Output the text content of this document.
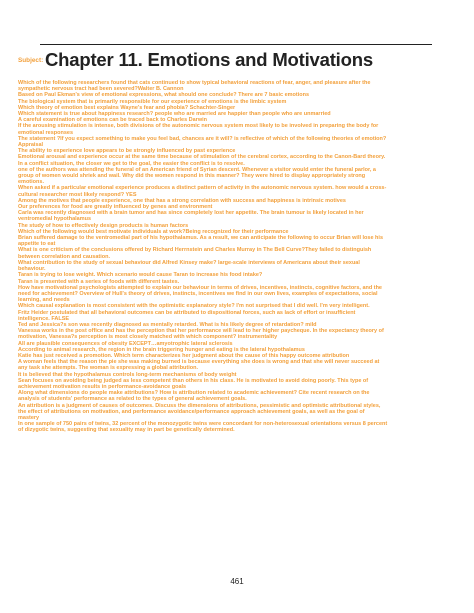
Subject: Chapter 11. Emotions and Motivations
Which of the following researchers found that cats continued to show typical behavioral reactions of fear, anger, and pleasure after the
sympathetic nervous tract had been severed?Walter B. Cannon
Based on Paul Ekman's view of emotional expressions, what should one conclude? There are 7 basic emotions
The biological system that is primarily responsible for our experience of emotions is the limbic system
Which theory of emotion best explains Wayne's fear and phobia? Schachter-Singer
Which statement is true about happiness research? people who are married are happier than people who are unmarried
A careful examination of emotions can be traced back to Charles Darwin
If the arousing stimulation is intense, both divisions of the autonomic nervous system most likely to be involved in preparing the body for
emotional responses
The statement ?If you expect something to make you feel bad, chances are it will? is reflective of which of the following theories of emotion?
Appraisal
The ability to experience love appears to be strongly influenced by past experience
Emotional arousal and experience occur at the same time because of stimulation of the cerebral cortex, according to the Canon-Bard theory.
In a conflict situation, the closer we get to the goal, the easier the conflict is to resolve.
one of the authors was attending the funeral of an American friend of Syrian descent. Whenever a visitor would enter the funeral parlor, a
group of women would shriek and wail. Why did the women respond in this manner? They were hired to display appropriately strong
emotions.
When asked if a particular emotional experience produces a distinct pattern of activity in the autonomic nervous system. how would a cross-
cultural researcher most likely respond? YES
Among the motives that people experience, one that has a strong correlation with success and happiness is intrinsic motives
Our preferences for food are greatly influenced by genes and environment
Carla was recently diagnosed with a brain tumor and has since completely lost her appetite. The brain tumour is likely located in her
ventromedial hypothalamus
The study of how to effectively design products is human factors
Which of the following would best motivate individuals at work?Being recognized for their performance
Brian suffered damage to the ventromedial part of his hypothalamus. As a result, we can anticipate the following to occur Brian will lose his
appetite to eat
What is one criticism of the conclusions offered by Richard Herrnstein and Charles Murray in The Bell Curve?They failed to distinguish
between correlation and causation.
What contribution to the study of sexual behaviour did Alfred Kinsey make? large-scale interviews of Americans about their sexual
behaviour.
Taran is trying to lose weight. Which scenario would cause Taran to increase his food intake?
Taran is presented with a series of foods with different tastes.
How have motivational psychologists attempted to explain our behaviour in terms of drives, incentives, instincts, cognitive factors, and the
need for achievement? Overview of Hull's theory of drives, instincts, incentives we find in our own lives, examples of expectations, social
learning, and needs
Which causal explanation is most consistent with the optimistic explanatory style? I'm not surprised that I did well. I'm very intelligent.
Fritz Heider postulated that all behavioral outcomes can be attributed to dispositional forces, such as lack of effort or insufficient
intelligence. FALSE
Ted and Jessica?s son was recently diagnosed as mentally retarded. What is his likely degree of retardation? mild
Vanessa works in the post office and has the perception that her performance will lead to her higher paycheque. In the expectancy theory of
motivation, Vanessa?s perception is most closely matched with which component? instrumentality
All are plausible consequences of obesity EXCEPT…amyotrophic lateral sclerosis
According to animal research, the region in the brain triggering hunger and eating is the lateral hypothalamus
Katie has just received a promotion. Which term characterizes her judgment about the cause of this happy outcome attribution
A woman feels that the reason the pie she was making burned is because everything she does is wrong and that she will never succeed at
any task she attempts. The woman is expressing a global attribution.
It is believed that the hypothalamus controls long-term mechanisms of body weight
Sean focuses on avoiding being judged as less competent than others in his class. He is motivated to avoid doing poorly. This type of
achievement motivation results in performance-avoidance goals
Along what dimensions do people make attributions? How is attribution related to academic achievement? Cite recent research on the
analysis of students' performance as related to the types of general achievement goals.
An attribution is a judgment of causes of outcomes. Discuss the dimensions of attributions, pessimistic and optimistic attributional styles,
the effect of attributions on motivation, and performance avoidance/performance approach achievement goals, as well as the goal of
mastery
In one sample of 750 pairs of twins, 32 percent of the monozygotic twins were concordant for non-heterosexual orientations versus 8 percent
of dizygotic twins, suggesting that sexuality may in part be genetically determined.
461
